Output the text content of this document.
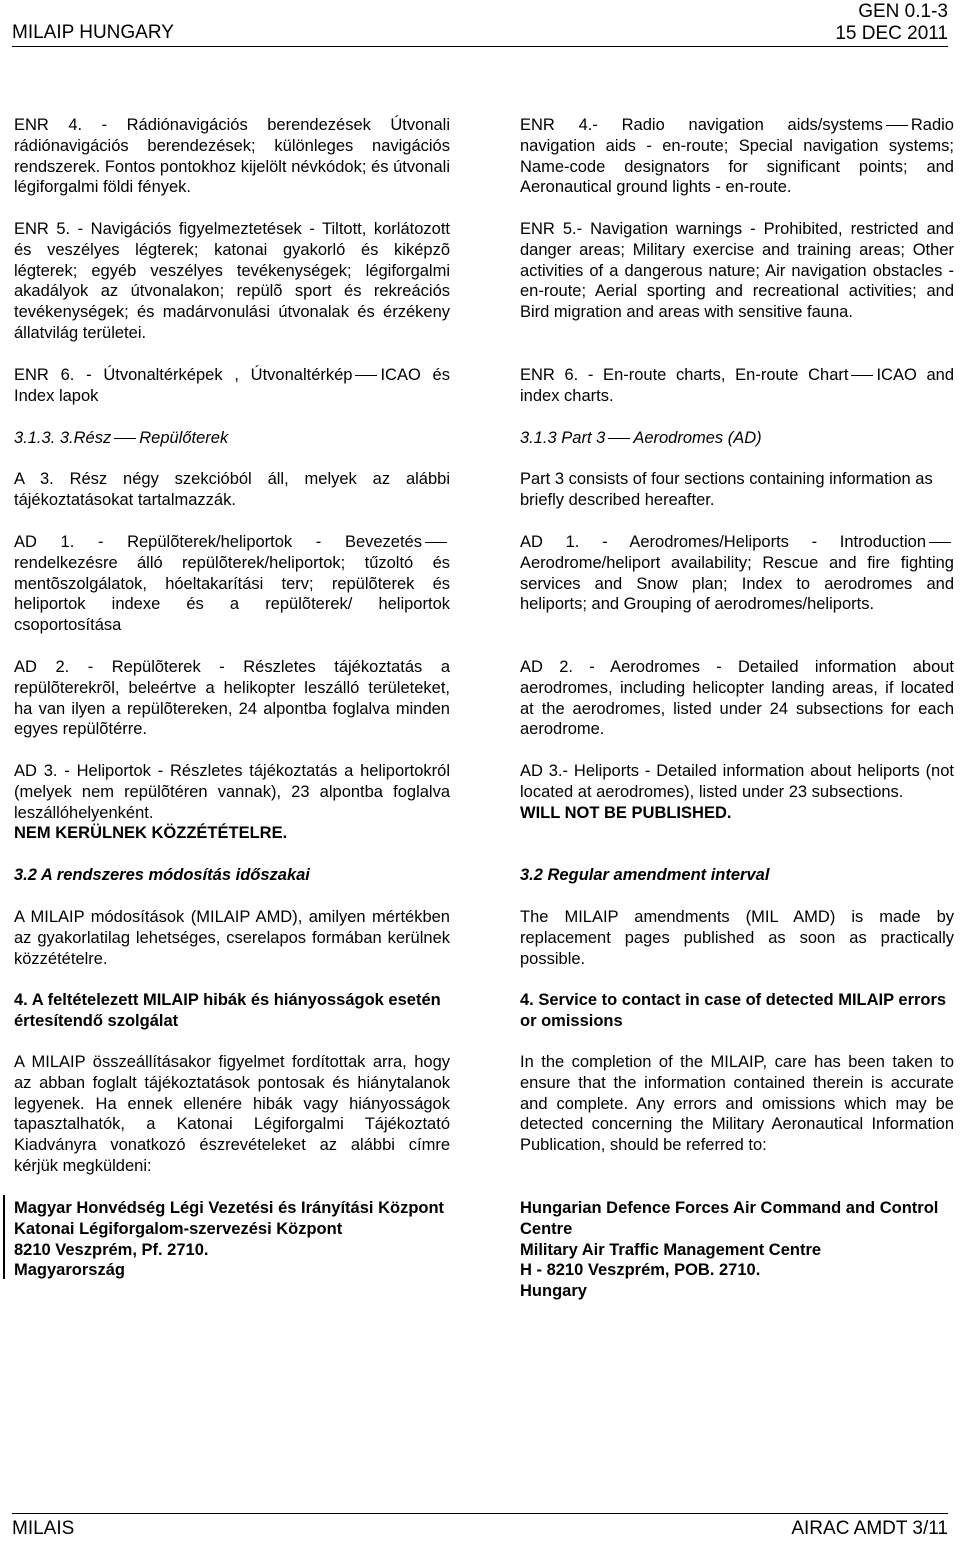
MILAIP HUNGARY
GEN 0.1-3
15 DEC 2011
ENR 4. - Rádiónavigációs berendezések Útvonali rádiónavigációs berendezések; különleges navigációs rendszerek. Fontos pontokhoz kijelölt névkódok; és útvonali légiforgalmi földi fények.
ENR 5. - Navigációs figyelmeztetések - Tiltott, korlátozott és veszélyes légterek; katonai gyakorló és kiképzõ légterek; egyéb veszélyes tevékenységek; légiforgalmi akadályok az útvonalakon; repülõ sport és rekreációs tevékenységek; és madárvonulási útvonalak és érzékeny állatvilág területei.
ENR 6. - Útvonaltérképek , Útvonaltérkép ICAO és Index lapok
3.1.3. 3.Rész Repülőterek
A 3. Rész négy szekcióból áll, melyek az alábbi tájékoztatásokat tartalmazzák.
AD 1. - Repülõterek/heliportok - Bevezetés rendelkezésre álló repülõterek/heliportok; tűzoltó és mentõszolgálatok, hóeltakarítási terv; repülõterek és heliportok indexe és a repülõterek/ heliportok csoportosítása
AD 2. - Repülõterek - Részletes tájékoztatás a repülõterekrõl, beleértve a helikopter leszálló területeket, ha van ilyen a repülõtereken, 24 alpontba foglalva minden egyes repülõtérre.
AD 3. - Heliportok - Részletes tájékoztatás a heliportokról (melyek nem repülõtéren vannak), 23 alpontba foglalva leszállóhelyenként.
NEM KERÜLNEK KÖZZÉTÉTELRE.
3.2 A rendszeres módosítás időszakai
A MILAIP módosítások (MILAIP AMD), amilyen mértékben az gyakorlatilag lehetséges, cserelapos formában kerülnek közzétételre.
4. A feltételezett MILAIP hibák és hiányosságok esetén értesítendő szolgálat
A MILAIP összeállításakor figyelmet fordítottak arra, hogy az abban foglalt tájékoztatások pontosak és hiánytalanok legyenek. Ha ennek ellenére hibák vagy hiányosságok tapasztalhatók, a Katonai Légiforgalmi Tájékoztató Kiadványra vonatkozó észrevételeket az alábbi címre kérjük megküldeni:
Magyar Honvédség Légi Vezetési és Irányítási Központ
Katonai Légiforgalom-szervezési Központ
8210 Veszprém, Pf. 2710.
Magyarország
ENR 4.- Radio navigation aids/systems Radio navigation aids - en-route; Special navigation systems; Name-code designators for significant points; and Aeronautical ground lights - en-route.
ENR 5.- Navigation warnings - Prohibited, restricted and danger areas; Military exercise and training areas; Other activities of a dangerous nature; Air navigation obstacles - en-route; Aerial sporting and recreational activities; and Bird migration and areas with sensitive fauna.
ENR 6. - En-route charts, En-route Chart ICAO and index charts.
3.1.3 Part 3 Aerodromes (AD)
Part 3 consists of four sections containing information as briefly described hereafter.
AD 1. - Aerodromes/Heliports - Introduction Aerodrome/heliport availability; Rescue and fire fighting services and Snow plan; Index to aerodromes and heliports; and Grouping of aerodromes/heliports.
AD 2. - Aerodromes - Detailed information about aerodromes, including helicopter landing areas, if located at the aerodromes, listed under 24 subsections for each aerodrome.
AD 3.- Heliports - Detailed information about heliports (not located at aerodromes), listed under 23 subsections.
WILL NOT BE PUBLISHED.
3.2 Regular amendment interval
The MILAIP amendments (MIL AMD) is made by replacement pages published as soon as practically possible.
4. Service to contact in case of detected MILAIP errors or omissions
In the completion of the MILAIP, care has been taken to ensure that the information contained therein is accurate and complete. Any errors and omissions which may be detected concerning the Military Aeronautical Information Publication, should be referred to:
Hungarian Defence Forces Air Command and Control Centre
Military Air Traffic Management Centre
H - 8210 Veszprém, POB. 2710.
Hungary
MILAIS	AIRAC AMDT 3/11
